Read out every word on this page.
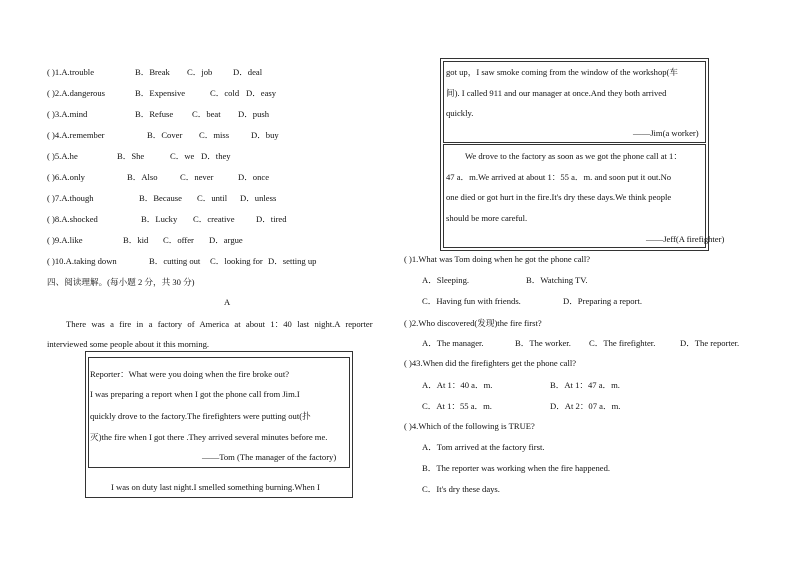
( )1.A.trouble	B．Break C．job D．deal
( )2.A.dangerous	B．Expensive	C．cold D．easy
( )3.A.mind	B．Refuse C．beat D．push
( )4.A.remember	B．Cover C．miss	D．buy
( )5.A.he	B．She	C．we D．they
( )6.A.only	B．Also	C．never	D．once
( )7.A.though	B．Because C．until D．unless
( )8.A.shocked	B．Lucky C．creative D．tired
( )9.A.like	B．kid C．offer D．argue
( )10.A.taking down	B．cutting out C．looking for D．setting up
四、阅读理解。(每小题 2 分，共 30 分)
A
There was a fire in a factory of America at about 1：40 last night.A reporter
interviewed some people about it this morning.
Reporter：What were you doing when the fire broke out?
I was preparing a report when I got the phone call from Jim.I
quickly drove to the factory.The firefighters were putting out(扑
灭)the fire when I got there .They arrived several minutes before me.
——Tom (The manager of the factory)
I was on duty last night.I smelled something burning.When I
got up，I saw smoke coming from the window of the workshop(车
间). I called 911 and our manager at once.And they both arrived
quickly.
——Jim(a worker)
We drove to the factory as soon as we got the phone call at 1：
47 a．m.We arrived at about 1：55 a．m. and soon put it out.No
one died or got hurt in the fire.It's dry these days.We think people
should be more careful.
——Jeff(A firefighter)
( )1.What was Tom doing when he got the phone call?
A．Sleeping.	B．Watching TV.
C．Having fun with friends.	D．Preparing a report.
( )2.Who discovered(发现)the fire first?
A．The manager.	B．The worker. C．The firefighter.	D．The reporter.
( )43.When did the firefighters get the phone call?
A．At 1：40 a．m.	B．At 1：47 a．m.
C．At 1：55 a．m.	D．At 2：07 a．m.
( )4.Which of the following is TRUE?
A．Tom arrived at the factory first.
B．The reporter was working when the fire happened.
C．It's dry these days.
